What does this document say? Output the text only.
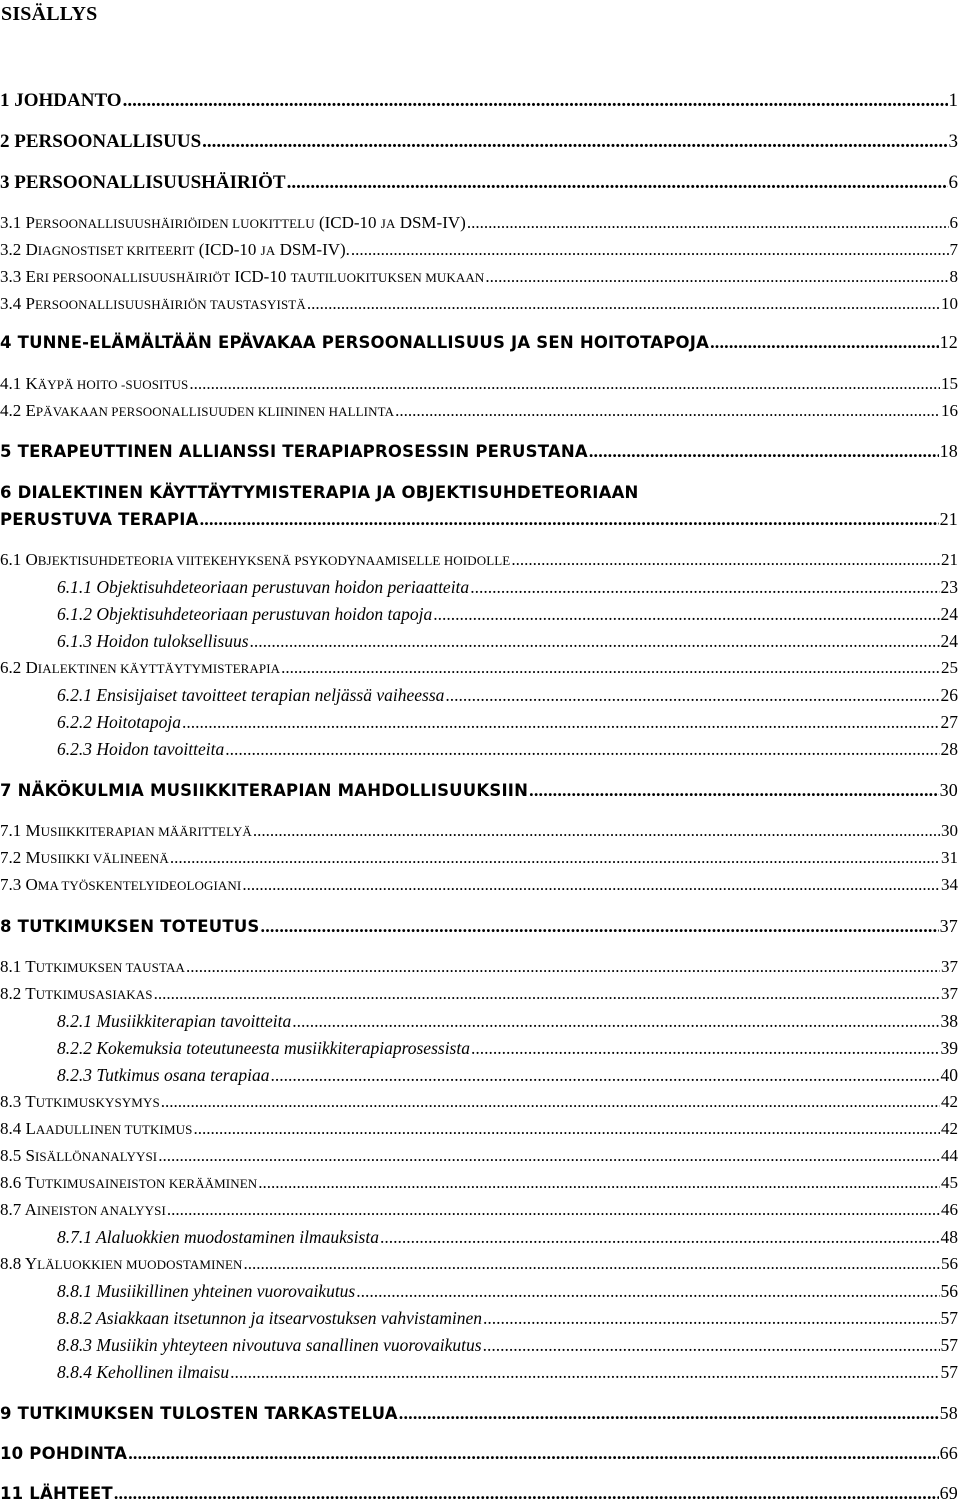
SISÄLLYS
1 JOHDANTO .....	1
2 PERSOONALLISUUS .....	3
3 PERSOONALLISUUSHÄIRIÖT .....	6
3.1 PERSOONALLISUUSHÄIRIÖIDEN LUOKITTELU (ICD-10 JA DSM-IV) .....	6
3.2 DIAGNOSTISET KRITEERIT (ICD-10 JA DSM-IV). .....	7
3.3 ERI PERSOONALLISUUSHÄIRIÖT ICD-10 TAUTILUOKITUKSEN MUKAAN .....	8
3.4 PERSOONALLISUUSHÄIRIÖN TAUSTASYISTÄ .....	10
4 TUNNE-ELÄMÄLTÄÄN EPÄVAKAA PERSOONALLISUUS JA SEN HOITOTAPOJA .....	12
4.1 KÄYPÄ HOITO -SUOSITUS .....	15
4.2 EPÄVAKAAN PERSOONALLISUUDEN KLIININEN HALLINTA .....	16
5 TERAPEUTTINEN ALLIANSSI TERAPIAPROSESSIN PERUSTANA .....	18
6 DIALEKTINEN KÄYTTÄYTYMISTERAPIA JA OBJEKTISUHDETEORIAAN
PERUSTUVA TERAPIA .....	21
6.1 OBJEKTISUHDETEORIA VIITEKEHYKSENÄ PSYKODYNAAMISELLE HOIDOLLE .....	21
6.1.1 Objektisuhdeteoriaan perustuvan hoidon periaatteita .....	23
6.1.2 Objektisuhdeteoriaan perustuvan hoidon tapoja .....	24
6.1.3 Hoidon tuloksellisuus .....	24
6.2 DIALEKTINEN KÄYTTÄYTYMISTERAPIA .....	25
6.2.1 Ensisijaiset tavoitteet terapian neljässä vaiheessa .....	26
6.2.2 Hoitotapoja .....	27
6.2.3 Hoidon tavoitteita .....	28
7 NÄKÖKULMIA MUSIIKKITERAPIAN MAHDOLLISUUKSIIN .....	30
7.1 MUSIIKKITERAPIAN MÄÄRITTELYÄ .....	30
7.2 MUSIIKKI VÄLINEENÄ .....	31
7.3 OMA TYÖSKENTELYIDEOLOGIANI .....	34
8 TUTKIMUKSEN TOTEUTUS .....	37
8.1 TUTKIMUKSEN TAUSTAA .....	37
8.2 TUTKIMUSASIAKAS .....	37
8.2.1 Musiikkiterapian tavoitteita .....	38
8.2.2 Kokemuksia toteutuneesta musiikkiterapiaprosessista .....	39
8.2.3 Tutkimus osana terapiaa .....	40
8.3 TUTKIMUSKYSYMYS .....	42
8.4 LAADULLINEN TUTKIMUS .....	42
8.5 SISÄLLÖNANALYYSI .....	44
8.6 TUTKIMUSAINEISTON KERÄÄMINEN .....	45
8.7 AINEISTON ANALYYSI .....	46
8.7.1 Alaluokkien muodostaminen ilmauksista .....	48
8.8 YLÄLUOKKIEN MUODOSTAMINEN .....	56
8.8.1 Musiikillinen yhteinen vuorovaikutus .....	56
8.8.2 Asiakkaan itsetunnon ja itsearvostuksen vahvistaminen .....	57
8.8.3 Musiikin yhteyteen nivoutuva sanallinen vuorovaikutus .....	57
8.8.4 Kehollinen ilmaisu .....	57
9 TUTKIMUKSEN TULOSTEN TARKASTELUA .....	58
10 POHDINTA .....	66
11 LÄHTEET .....	69
